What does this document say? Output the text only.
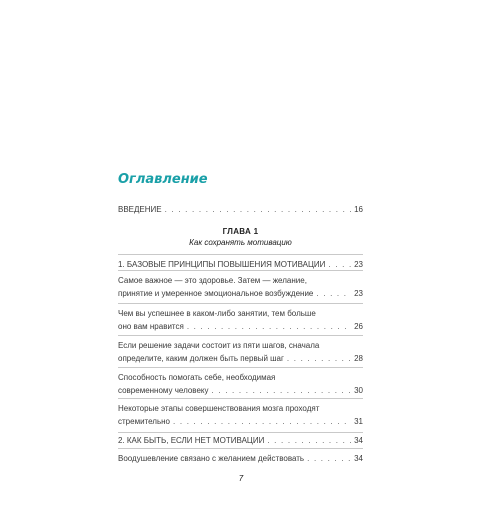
Оглавление
ВВЕДЕНИЕ . . .	16
ГЛАВА 1
Как сохранять мотивацию
1. БАЗОВЫЕ ПРИНЦИПЫ ПОВЫШЕНИЯ МОТИВАЦИИ . . .	23
Самое важное — это здоровье. Затем — желание,
принятие и умеренное эмоциональное возбуждение . . .	23
Чем вы успешнее в каком-либо занятии, тем больше
оно вам нравится . . .	26
Если решение задачи состоит из пяти шагов, сначала
определите, каким должен быть первый шаг . . .	28
Способность помогать себе, необходимая
современному человеку . . .	30
Некоторые этапы совершенствования мозга проходят
стремительно . . .	31
2. КАК БЫТЬ, ЕСЛИ НЕТ МОТИВАЦИИ . . .	34
Воодушевление связано с желанием действовать . . .	34
7
